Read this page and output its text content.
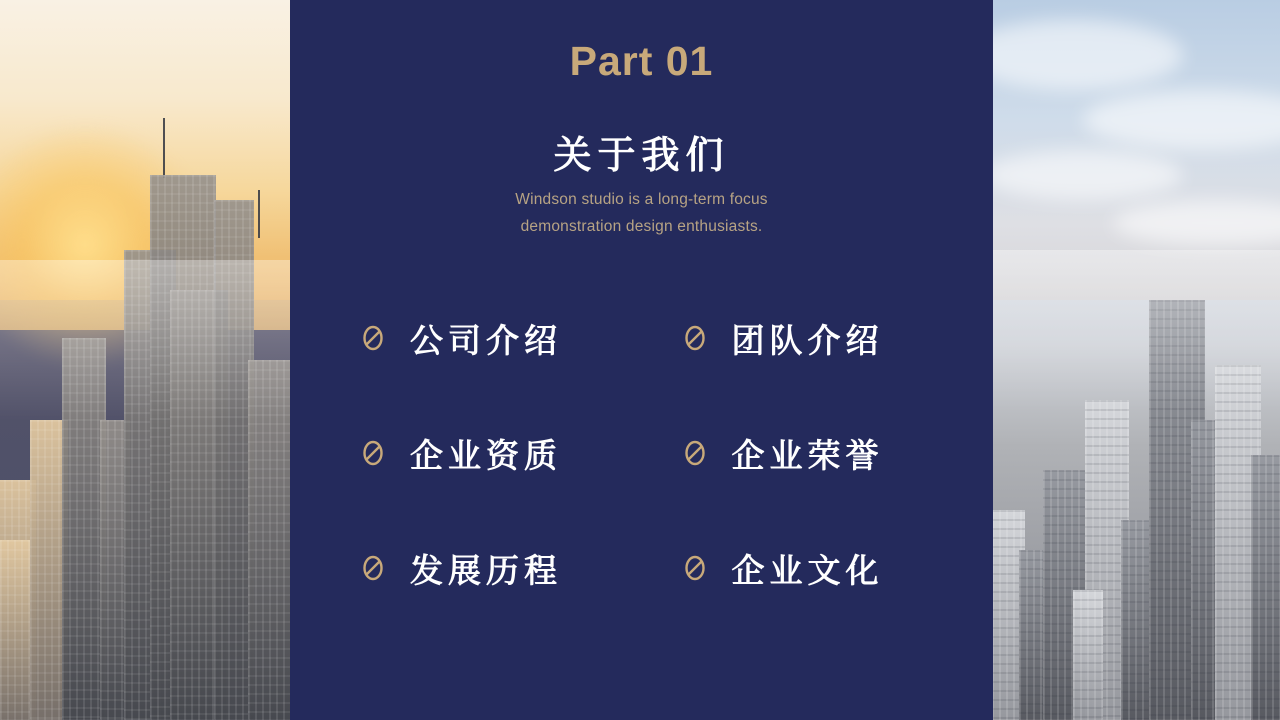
Part 01
关于我们
Windson studio is a long-term focus
demonstration design enthusiasts.
公司介绍	团队介绍
企业资质	企业荣誉
发展历程	企业文化
